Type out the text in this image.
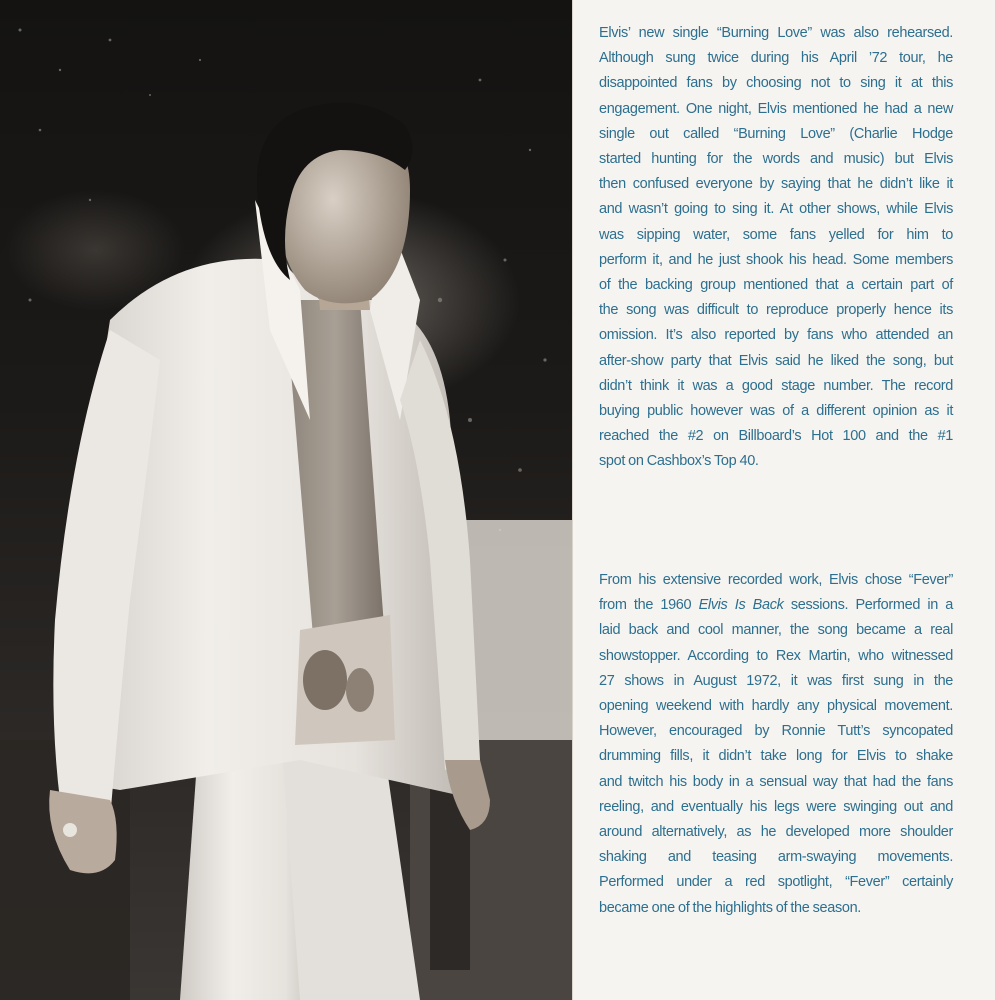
Elvis’ new single “Burning Love” was also rehearsed.
Although sung twice during his April ’72 tour, he
disappointed fans by choosing not to sing it at this
engagement. One night, Elvis mentioned he had a new
single out called “Burning Love” (Charlie Hodge
started hunting for the words and music) but Elvis
then confused everyone by saying that he didn’t like it
and wasn’t going to sing it. At other shows, while Elvis
was sipping water, some fans yelled for him to
perform it, and he just shook his head. Some members
of the backing group mentioned that a certain part of
the song was difficult to reproduce properly hence its
omission. It’s also reported by fans who attended an
after-show party that Elvis said he liked the song, but
didn’t think it was a good stage number. The record
buying public however was of a different opinion as it
reached the #2 on Billboard’s Hot 100 and the #1
spot on Cashbox’s Top 40.
From his extensive recorded work, Elvis chose “Fever”
from the 1960 Elvis Is Back sessions. Performed in a
laid back and cool manner, the song became a real
showstopper. According to Rex Martin, who witnessed
27 shows in August 1972, it was first sung in the
opening weekend with hardly any physical movement.
However, encouraged by Ronnie Tutt’s syncopated
drumming fills, it didn’t take long for Elvis to shake
and twitch his body in a sensual way that had the fans
reeling, and eventually his legs were swinging out and
around alternatively, as he developed more shoulder
shaking and teasing arm-swaying movements.
Performed under a red spotlight, “Fever” certainly
became one of the highlights of the season.
